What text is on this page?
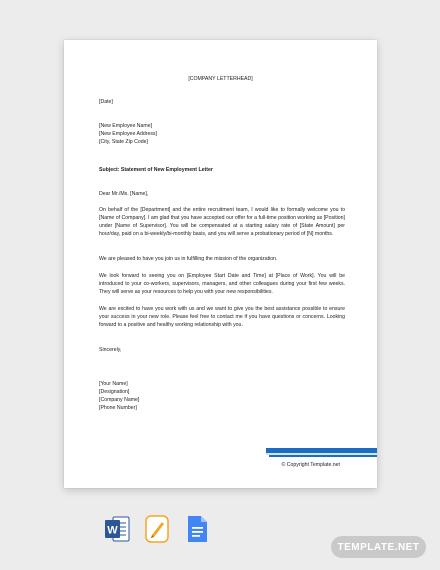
[COMPANY LETTERHEAD]
[Date]
[New Employee Name]
[New Employee Address]
[City, State Zip Code]
Subject: Statement of New Employment Letter
Dear Mr./Ms. [Name],
On behalf of the [Department] and the entire recruitment team, I would like to formally welcome you to [Name of Company]. I am glad that you have accepted our offer for a full-time position working as [Position] under [Name of Supervisor]. You will be compensated at a starting salary rate of [State Amount] per hour/day, paid on a bi-weekly/bi-monthly basis, and you will serve a probationary period of [N] months.
We are pleased to have you join us in fulfilling the mission of the organization.
We look forward to seeing you on [Employee Start Date and Time] at [Place of Work]. You will be introduced to your co-workers, supervisors, managers, and other colleagues during your first few weeks. They will serve as your resources to help you with your new responsibilities.
We are excited to have you work with us and we want to give you the best assistance possible to ensure your success in your new role. Please feel free to contact me if you have questions or concerns. Looking forward to a positive and healthy working relationship with you.
Sincerely,
[Your Name]
[Designation]
[Company Name]
[Phone Number]
© Copyright Template.net
W
TEMPLATE.NET
